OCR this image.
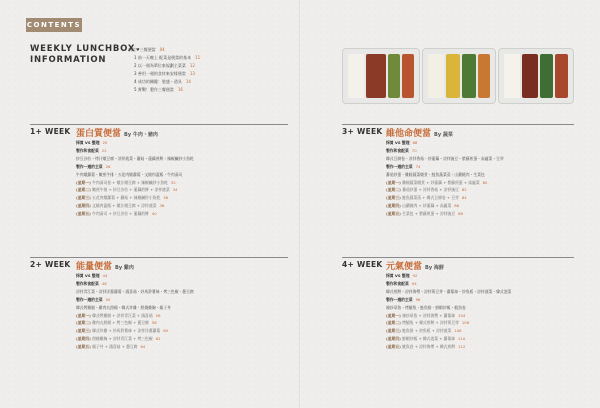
CONTENTS
WEEKLY LUNCHBOX
INFORMATION
前言♥三餐便當 04
1 前一天晚上 配菜是便當的基本 11
2 以一週為單位來規劃主菜菜 12
3 善用一週的食材來安排便當 13
4 成功的關鍵：裝盛・道具 14
5 實戰！製作三餐便當 16
1+ WEEK 蛋白質便當 By 牛肉・豬肉
採買 VS 整理 20
製作和食配菜 22
炒豆沙拉・烤汁燉豆腐・涼拌菠菜・蘑菇・蓮藕煎餅・辣椒鹹炒小魚乾
製作一週的主菜 26
牛肉燉蘿蔔・嫩煎牛排・五花肉燉蘿蔔・文燒肉蓋飯・牛肉壽司
(星期一) 牛肉壽司卷 + 燉汁燉豆腐 + 辣椒鹹炒小魚乾 32
(星期二) 嫩煎牛排 + 炒豆沙拉 + 蓮藕煎餅 + 涼拌菠菜 34
(星期三) 五花肉燉蘿蔔 + 蘑菇 + 辣椒鹹炒小魚乾 36
(星期四) 文燒肉蓋飯 + 燉汁燉豆腐 + 涼拌菠菜 38
(星期五) 牛肉壽司 + 炒豆沙拉 + 蓮藕煎餅 40
3+ WEEK 維他命便當 By 蔬菜
採買 VS 整理 68
製作和食配菜 70
韓式豆腐卷・涼拌香菇・炒蓮藕・涼拌豌豆・紫蘇煎蛋・高麗菜・豆芽
製作一週的主菜 74
蕃茄炒蛋・雞腿蔬菜燉煮・鮭魚蔬菜蒸・山藥燒肉・生菜包
(星期一) 雞腿蔬菜燉煮 + 炒蓮藕 + 紫蘇煎蛋 + 高麗菜 80
(星期二) 蕃茄炒蛋 + 涼拌香菇 + 涼拌豌豆 82
(星期三) 鮭魚蔬菜蒸 + 韓式豆腐卷 + 豆芽 84
(星期四) 山藥燒肉 + 炒蓮藕 + 高麗菜 86
(星期五) 生菜包 + 紫蘇煎蛋 + 涼拌豌豆 88
2+ WEEK 能量便當 By 雞肉
採買 VS 整理 44
製作和食配菜 46
涼拌青江菜・涼拌洋蔥蘿蔔・鴻喜菇・炒馬鈴薯絲・烤三色椒・蔥豆腐
製作一週的主菜 50
韓式烤雞腿・雞肉丸照燒・韓式炸雞・照燒雞胸・親子丼
(星期一) 韓式烤雞腿 + 涼拌青江菜 + 鴻喜菇 56
(星期二) 雞肉丸照燒 + 烤三色椒 + 蔥豆腐 58
(星期三) 韓式炸雞 + 炒馬鈴薯絲 + 涼拌洋蔥蘿蔔 60
(星期四) 照燒雞胸 + 涼拌青江菜 + 烤三色椒 62
(星期五) 親子丼 + 鴻喜菇 + 蔥豆腐 64
4+ WEEK 元氣便當 By 海鮮
採買 VS 整理 92
製作和食配菜 94
韓式煎餅・涼拌海帶・涼拌黃豆芽・蘿蔔絲・炒魚板・涼拌菠菜・韓式泡菜
製作一週的主菜 98
辣炒章魚・烤鯖魚・鮭魚排・鮮蝦炒飯・魷魚卷
(星期一) 辣炒章魚 + 涼拌海帶 + 蘿蔔絲 104
(星期二) 烤鯖魚 + 韓式煎餅 + 涼拌黃豆芽 106
(星期三) 鮭魚排 + 炒魚板 + 涼拌菠菜 108
(星期四) 鮮蝦炒飯 + 韓式泡菜 + 蘿蔔絲 110
(星期五) 魷魚卷 + 涼拌海帶 + 韓式煎餅 112
